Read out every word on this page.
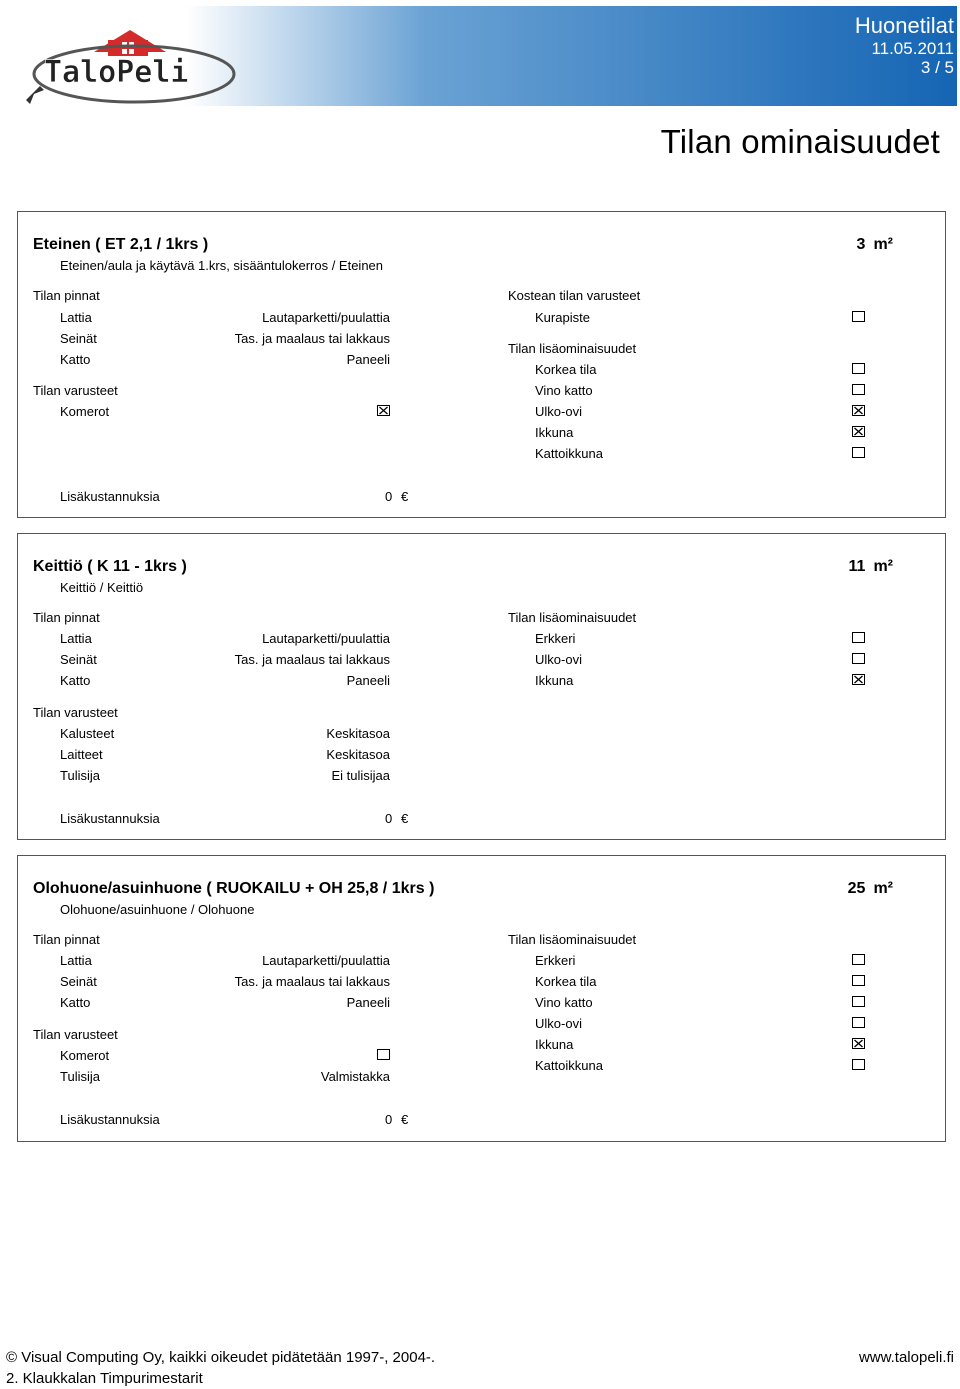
TaloPeli
Huonetilat
11.05.2011
3 / 5
Tilan ominaisuudet
Eteinen ( ET 2,1 / 1krs )	3 m²
Eteinen/aula ja käytävä 1.krs, sisääntulokerros / Eteinen
Tilan pinnat
Lattia	Lautaparketti/puulattia
Seinät	Tas. ja maalaus tai lakkaus
Katto	Paneeli
Tilan varusteet
Komerot
Kostean tilan varusteet
Kurapiste
Tilan lisäominaisuudet
Korkea tila
Vino katto
Ulko-ovi
Ikkuna
Kattoikkuna
Lisäkustannuksia	0 €
Keittiö ( K 11 - 1krs )	11 m²
Keittiö / Keittiö
Tilan pinnat
Lattia	Lautaparketti/puulattia
Seinät	Tas. ja maalaus tai lakkaus
Katto	Paneeli
Tilan varusteet
Kalusteet	Keskitasoa
Laitteet	Keskitasoa
Tulisija	Ei tulisijaa
Tilan lisäominaisuudet
Erkkeri
Ulko-ovi
Ikkuna
Lisäkustannuksia	0 €
Olohuone/asuinhuone ( RUOKAILU + OH 25,8 / 1krs )	25 m²
Olohuone/asuinhuone / Olohuone
Tilan pinnat
Lattia	Lautaparketti/puulattia
Seinät	Tas. ja maalaus tai lakkaus
Katto	Paneeli
Tilan varusteet
Komerot
Tulisija	Valmistakka
Tilan lisäominaisuudet
Erkkeri
Korkea tila
Vino katto
Ulko-ovi
Ikkuna
Kattoikkuna
Lisäkustannuksia	0 €
© Visual Computing Oy, kaikki oikeudet pidätetään 1997-, 2004-.	www.talopeli.fi
2. Klaukkalan Timpurimestarit
